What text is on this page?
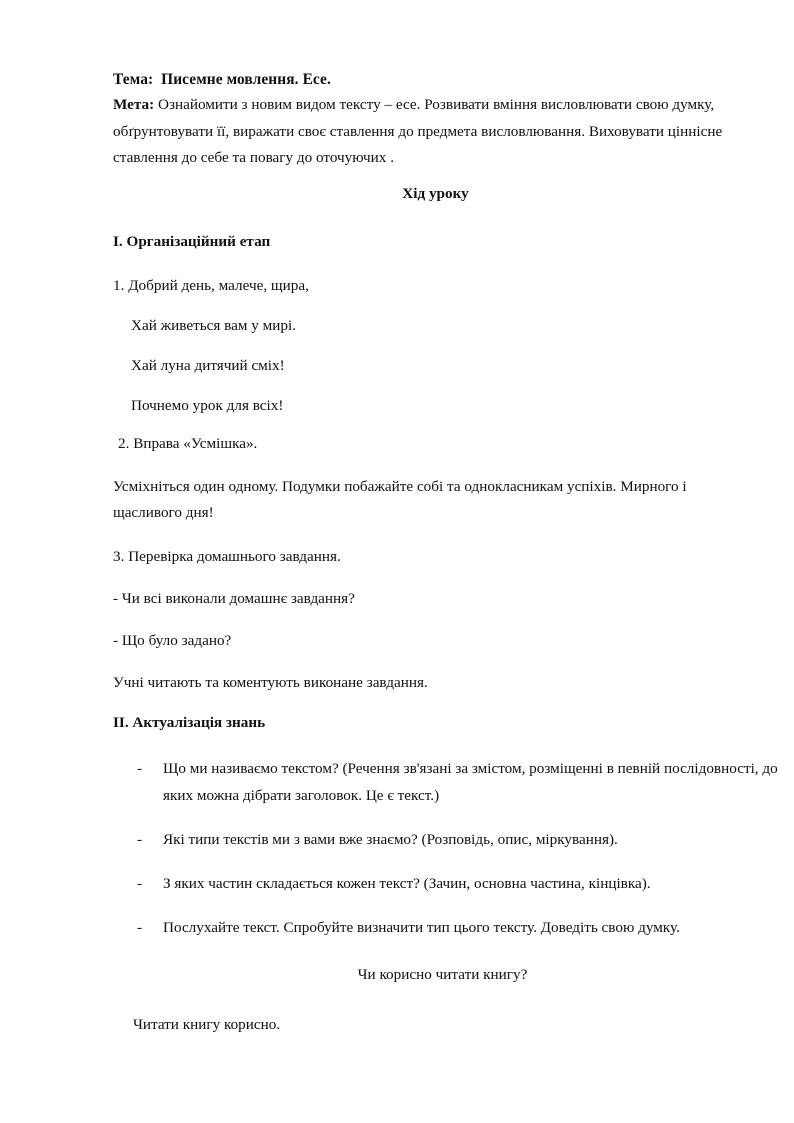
Тема: Писемне мовлення. Есе.
Мета: Ознайомити з новим видом тексту – есе. Розвивати вміння висловлювати свою думку, обґрунтовувати її, виражати своє ставлення до предмета висловлювання. Виховувати ціннісне ставлення до себе та повагу до оточуючих .
Хід уроку
I. Організаційний етап
1. Добрий день, малече, щира,
Хай живеться вам у мирі.
Хай луна дитячий сміх!
Почнемо урок для всіх!
2. Вправа «Усмішка».
Усміхніться один одному. Подумки побажайте собі та однокласникам успіхів. Мирного і щасливого дня!
3. Перевірка домашнього завдання.
- Чи всі виконали домашнє завдання?
- Що було задано?
Учні читають та коментують виконане завдання.
II. Актуалізація знань
- Що ми називаємо текстом? (Речення зв'язані за змістом, розміщенні в певній послідовності, до яких можна дібрати заголовок. Це є текст.)
- Які типи текстів ми з вами вже знаємо? (Розповідь, опис, міркування).
- З яких частин складається кожен текст? (Зачин, основна частина, кінцівка).
- Послухайте текст. Спробуйте визначити тип цього тексту. Доведіть свою думку.
Чи корисно читати книгу?
Читати книгу корисно.
